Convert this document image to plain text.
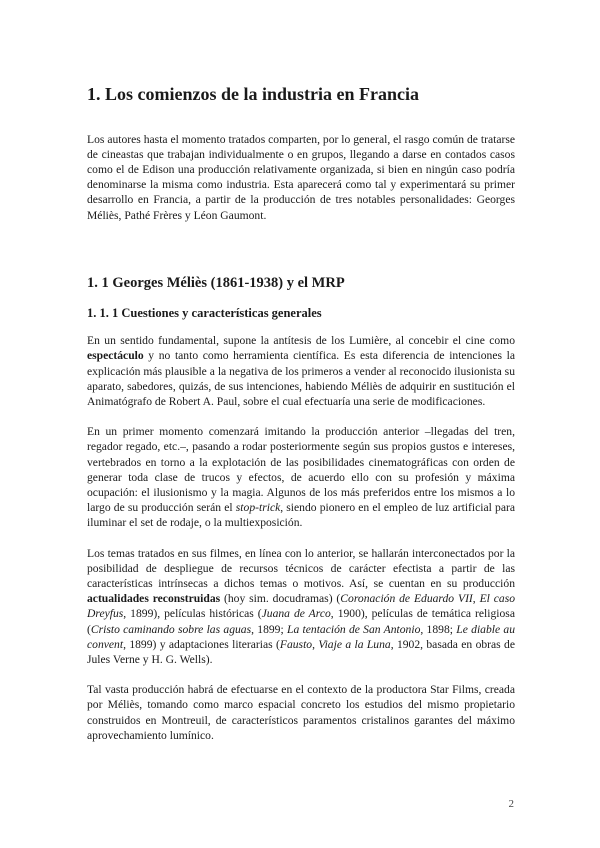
1. Los comienzos de la industria en Francia

Los autores hasta el momento tratados comparten, por lo general, el rasgo común de tratarse de cineastas que trabajan individualmente o en grupos, llegando a darse en contados casos como el de Edison una producción relativamente organizada, si bien en ningún caso podría denominarse la misma como industria. Esta aparecerá como tal y experimentará su primer desarrollo en Francia, a partir de la producción de tres notables personalidades: Georges Méliès, Pathé Frères y Léon Gaumont.

1. 1 Georges Méliès (1861-1938) y el MRP
1. 1. 1 Cuestiones y características generales

En un sentido fundamental, supone la antítesis de los Lumière, al concebir el cine como espectáculo y no tanto como herramienta científica. Es esta diferencia de intenciones la explicación más plausible a la negativa de los primeros a vender al reconocido ilusionista su aparato, sabedores, quizás, de sus intenciones, habiendo Méliès de adquirir en sustitución el Animatógrafo de Robert A. Paul, sobre el cual efectuaría una serie de modificaciones.

En un primer momento comenzará imitando la producción anterior –llegadas del tren, regador regado, etc.–, pasando a rodar posteriormente según sus propios gustos e intereses, vertebrados en torno a la explotación de las posibilidades cinematográficas con orden de generar toda clase de trucos y efectos, de acuerdo ello con su profesión y máxima ocupación: el ilusionismo y la magia. Algunos de los más preferidos entre los mismos a lo largo de su producción serán el stop-trick, siendo pionero en el empleo de luz artificial para iluminar el set de rodaje, o la multiexposición.

Los temas tratados en sus filmes, en línea con lo anterior, se hallarán interconectados por la posibilidad de despliegue de recursos técnicos de carácter efectista a partir de las características intrínsecas a dichos temas o motivos. Así, se cuentan en su producción actualidades reconstruidas (hoy sim. docudramas) (Coronación de Eduardo VII, El caso Dreyfus, 1899), películas históricas (Juana de Arco, 1900), películas de temática religiosa (Cristo caminando sobre las aguas, 1899; La tentación de San Antonio, 1898; Le diable au convent, 1899) y adaptaciones literarias (Fausto, Viaje a la Luna, 1902, basada en obras de Jules Verne y H. G. Wells).

Tal vasta producción habrá de efectuarse en el contexto de la productora Star Films, creada por Méliès, tomando como marco espacial concreto los estudios del mismo propietario construidos en Montreuil, de característicos paramentos cristalinos garantes del máximo aprovechamiento lumínico.

2
